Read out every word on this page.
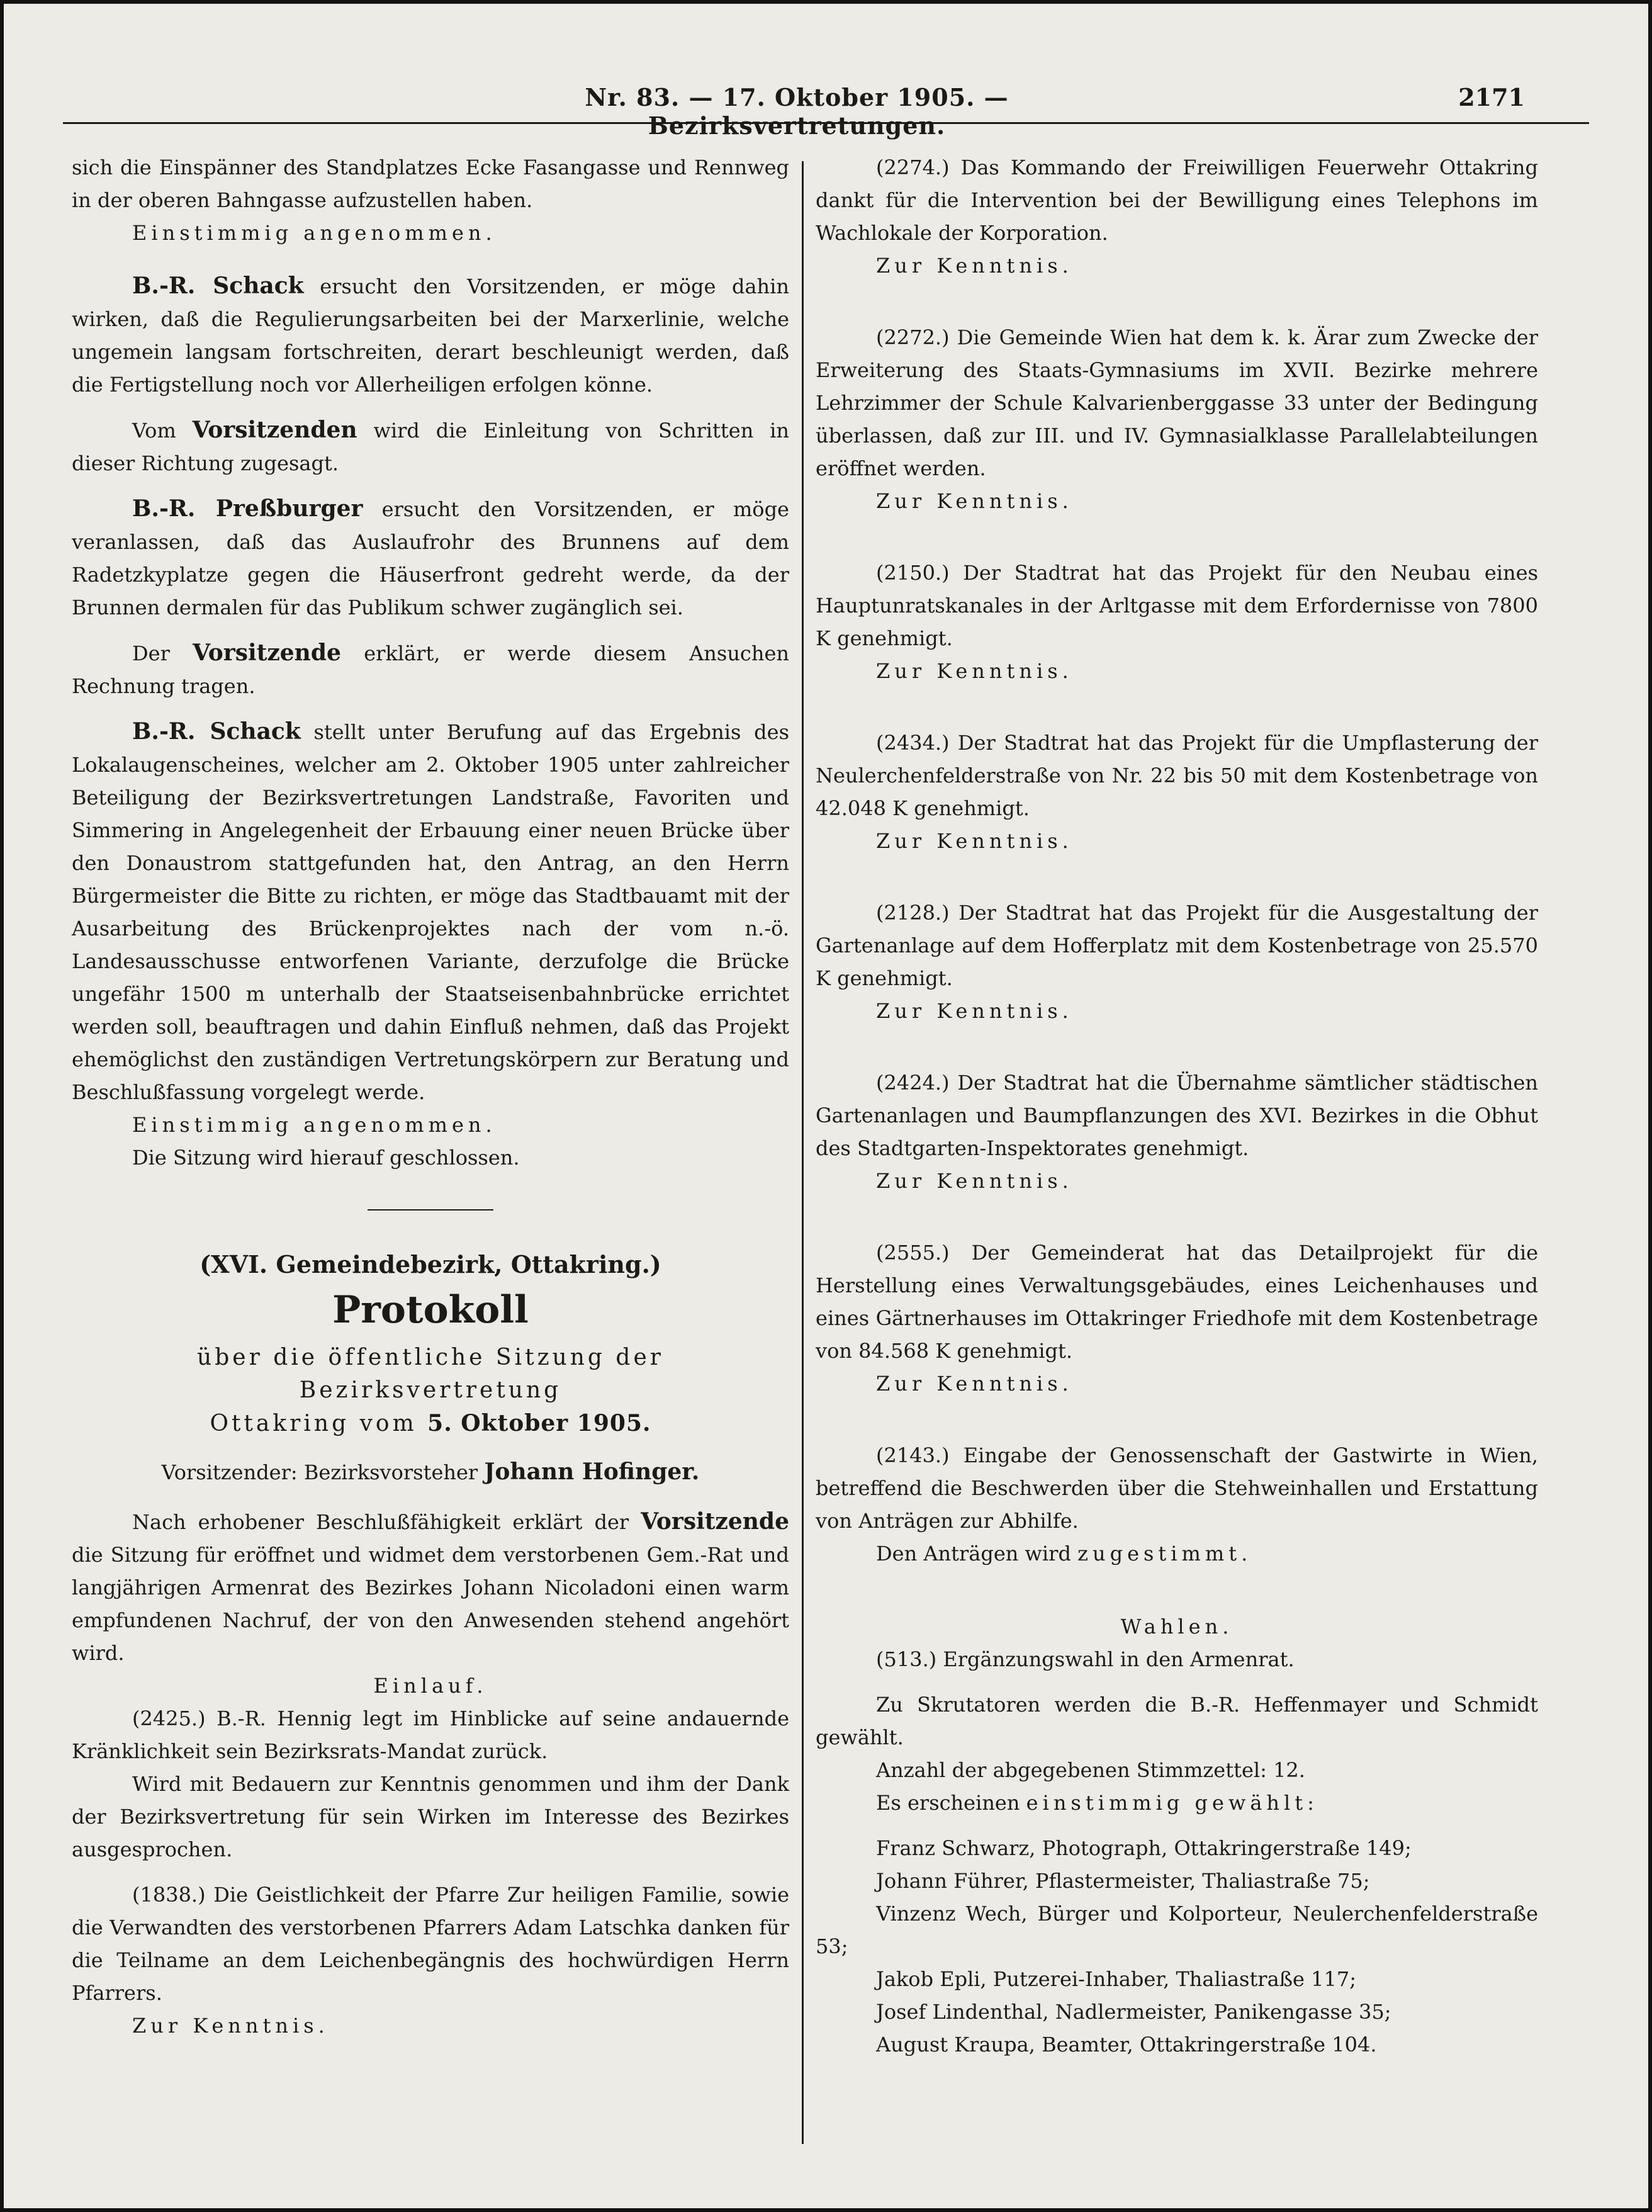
Nr. 83. — 17. Oktober 1905. — Bezirksvertretungen.
2171

sich die Einspänner des Standplatzes Ecke Fasangasse und Rennweg in der oberen Bahngasse aufzustellen haben.

Einstimmig angenommen.

B.-R. Schack ersucht den Vorsitzenden, er möge dahin wirken, daß die Regulierungsarbeiten bei der Marxerlinie, welche ungemein langsam fortschreiten, derart beschleunigt werden, daß die Fertigstellung noch vor Allerheiligen erfolgen könne.

Vom Vorsitzenden wird die Einleitung von Schritten in dieser Richtung zugesagt.

B.-R. Preßburger ersucht den Vorsitzenden, er möge veranlassen, daß das Auslaufrohr des Brunnens auf dem Radetzkyplatze gegen die Häuserfront gedreht werde, da der Brunnen dermalen für das Publikum schwer zugänglich sei.

Der Vorsitzende erklärt, er werde diesem Ansuchen Rechnung tragen.

B.-R. Schack stellt unter Berufung auf das Ergebnis des Lokalaugenscheines, welcher am 2. Oktober 1905 unter zahlreicher Beteiligung der Bezirksvertretungen Landstraße, Favoriten und Simmering in Angelegenheit der Erbauung einer neuen Brücke über den Donaustrom stattgefunden hat, den Antrag, an den Herrn Bürgermeister die Bitte zu richten, er möge das Stadtbauamt mit der Ausarbeitung des Brückenprojektes nach der vom n.-ö. Landesausschusse entworfenen Variante, derzufolge die Brücke ungefähr 1500 m unterhalb der Staatseisenbahnbrücke errichtet werden soll, beauftragen und dahin Einfluß nehmen, daß das Projekt ehemöglichst den zuständigen Vertretungskörpern zur Beratung und Beschlußfassung vorgelegt werde.

Einstimmig angenommen.

Die Sitzung wird hierauf geschlossen.

(XVI. Gemeindebezirk, Ottakring.)

Protokoll

über die öffentliche Sitzung der Bezirksvertretung

Ottakring vom 5. Oktober 1905.

Vorsitzender: Bezirksvorsteher Johann Hofinger.

Nach erhobener Beschlußfähigkeit erklärt der Vorsitzende die Sitzung für eröffnet und widmet dem verstorbenen Gem.-Rat und langjährigen Armenrat des Bezirkes Johann Nicoladoni einen warm empfundenen Nachruf, der von den Anwesenden stehend angehört wird.

Einlauf.

(2425.) B.-R. Hennig legt im Hinblicke auf seine andauernde Kränklichkeit sein Bezirksrats-Mandat zurück.

Wird mit Bedauern zur Kenntnis genommen und ihm der Dank der Bezirksvertretung für sein Wirken im Interesse des Bezirkes ausgesprochen.

(1838.) Die Geistlichkeit der Pfarre Zur heiligen Familie, sowie die Verwandten des verstorbenen Pfarrers Adam Latschka danken für die Teilname an dem Leichenbegängnis des hochwürdigen Herrn Pfarrers.

Zur Kenntnis.

(2274.) Das Kommando der Freiwilligen Feuerwehr Ottakring dankt für die Intervention bei der Bewilligung eines Telephons im Wachlokale der Korporation.

Zur Kenntnis.

(2272.) Die Gemeinde Wien hat dem k. k. Ärar zum Zwecke der Erweiterung des Staats-Gymnasiums im XVII. Bezirke mehrere Lehrzimmer der Schule Kalvarienberggasse 33 unter der Bedingung überlassen, daß zur III. und IV. Gymnasialklasse Parallelabteilungen eröffnet werden.

Zur Kenntnis.

(2150.) Der Stadtrat hat das Projekt für den Neubau eines Hauptunratskanales in der Arltgasse mit dem Erfordernisse von 7800 K genehmigt.

Zur Kenntnis.

(2434.) Der Stadtrat hat das Projekt für die Umpflasterung der Neulerchenfelderstraße von Nr. 22 bis 50 mit dem Kostenbetrage von 42.048 K genehmigt.

Zur Kenntnis.

(2128.) Der Stadtrat hat das Projekt für die Ausgestaltung der Gartenanlage auf dem Hofferplatz mit dem Kostenbetrage von 25.570 K genehmigt.

Zur Kenntnis.

(2424.) Der Stadtrat hat die Übernahme sämtlicher städtischen Gartenanlagen und Baumpflanzungen des XVI. Bezirkes in die Obhut des Stadtgarten-Inspektorates genehmigt.

Zur Kenntnis.

(2555.) Der Gemeinderat hat das Detailprojekt für die Herstellung eines Verwaltungsgebäudes, eines Leichenhauses und eines Gärtnerhauses im Ottakringer Friedhofe mit dem Kostenbetrage von 84.568 K genehmigt.

Zur Kenntnis.

(2143.) Eingabe der Genossenschaft der Gastwirte in Wien, betreffend die Beschwerden über die Stehweinhallen und Erstattung von Anträgen zur Abhilfe.

Den Anträgen wird zugestimmt.

Wahlen.

(513.) Ergänzungswahl in den Armenrat.

Zu Skrutatoren werden die B.-R. Heffenmayer und Schmidt gewählt.

Anzahl der abgegebenen Stimmzettel: 12.

Es erscheinen einstimmig gewählt:

Franz Schwarz, Photograph, Ottakringerstraße 149;

Johann Führer, Pflastermeister, Thaliastraße 75;

Vinzenz Wech, Bürger und Kolporteur, Neulerchenfelderstraße 53;

Jakob Epli, Putzerei-Inhaber, Thaliastraße 117;

Josef Lindenthal, Nadlermeister, Panikengasse 35;

August Kraupa, Beamter, Ottakringerstraße 104.
